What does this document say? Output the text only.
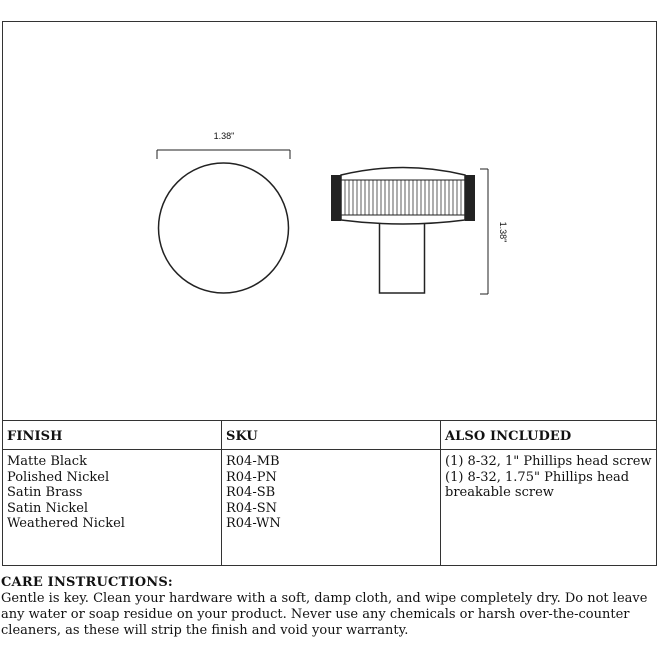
1.38"
1.38"
FINISH
Matte Black
Polished Nickel
Satin Brass
Satin Nickel
Weathered Nickel
SKU
R04-MB
R04-PN
R04-SB
R04-SN
R04-WN
ALSO INCLUDED
(1) 8-32, 1" Phillips head screw
(1) 8-32, 1.75" Phillips head
breakable screw
CARE INSTRUCTIONS:

Gentle is key. Clean your hardware with a soft, damp cloth, and wipe completely dry. Do not leave any water or soap residue on your product. Never use any chemicals or harsh over-the-counter cleaners, as these will strip the finish and void your warranty.
